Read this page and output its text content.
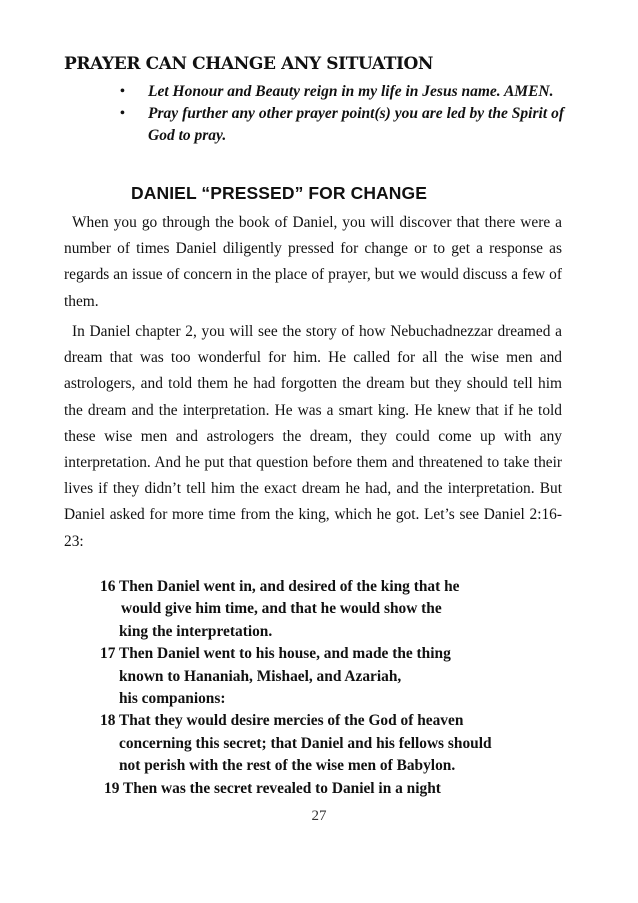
PRAYER CAN CHANGE ANY SITUATION
• Let Honour and Beauty reign in my life in Jesus name. AMEN.
• Pray further any other prayer point(s) you are led by the Spirit of God to pray.
DANIEL “PRESSED” FOR CHANGE

When you go through the book of Daniel, you will discover that there were a number of times Daniel diligently pressed for change or to get a response as regards an issue of concern in the place of prayer, but we would discuss a few of them.

In Daniel chapter 2, you will see the story of how Nebuchadnezzar dreamed a dream that was too wonderful for him. He called for all the wise men and astrologers, and told them he had forgotten the dream but they should tell him the dream and the interpretation. He was a smart king. He knew that if he told these wise men and astrologers the dream, they could come up with any interpretation. And he put that question before them and threatened to take their lives if they didn’t tell him the exact dream he had, and the interpretation. But Daniel asked for more time from the king, which he got. Let’s see Daniel 2:16-23:

16 Then Daniel went in, and desired of the king that he
would give him time, and that he would show the
king the interpretation.
17 Then Daniel went to his house, and made the thing
known to Hananiah, Mishael, and Azariah,
his companions:
18 That they would desire mercies of the God of heaven
concerning this secret; that Daniel and his fellows should
not perish with the rest of the wise men of Babylon.
19 Then was the secret revealed to Daniel in a night
27
